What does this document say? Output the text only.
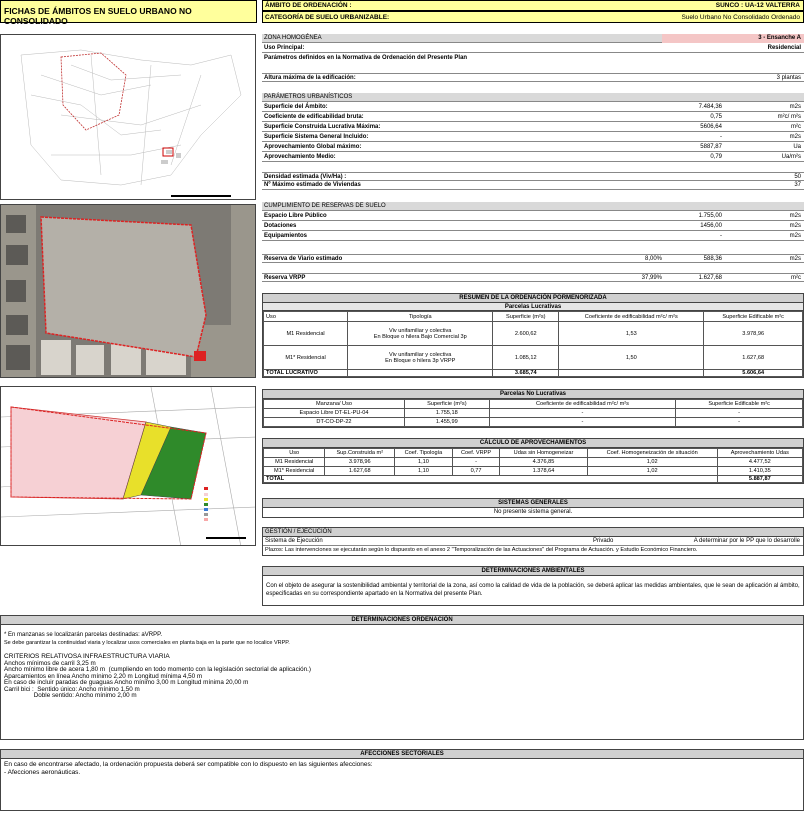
FICHAS DE ÁMBITOS EN SUELO URBANO NO CONSOLIDADO
ÁMBITO DE ORDENACIÓN :	SUNCO : UA-12 VALTERRA
CATEGORÍA DE SUELO URBANIZABLE:	Suelo Urbano No Consolidado Ordenado
ZONA HOMOGÉNEA	3 - Ensanche A
Uso Principal:	Residencial
Parámetros definidos en la Normativa de Ordenación del Presente Plan
Altura máxima de la edificación:	3 plantas
PARÁMETROS URBANÍSTICOS
Superficie del Ámbito:	7.484,36	m2s
Coeficiente de edificabilidad bruta:	0,75	m²c/ m²s
Superficie Construida Lucrativa Máxima:	5606,64	m²c
Superficie Sistema General Incluido:	-	m2s
Aprovechamiento Global máximo:	5887,87	Ua
Aprovechamiento Medio:	0,79	Ua/m²s
Densidad estimada (Viv/Ha) :	50
Nº Máximo estimado de Viviendas	37
CUMPLIMIENTO DE RESERVAS DE SUELO
Espacio Libre Público	1.755,00	m2s
Dotaciones	1456,00	m2s
Equipamientos	-	m2s
Reserva de Viario estimado	8,00%	588,36	m2s
Reserva VRPP	37,99%	1.627,68	m²c
RESUMEN DE LA ORDENACIÓN PORMENORIZADA
Parcelas Lucrativas
Uso	Tipología	Superficie (m²s)	Coeficiente de edificabilidad m²c/ m²s	Superficie Edificable m²c
M1 Residencial	Viv unifamiliar y colectiva
En Bloque o hilera Bajo Comercial 3p	2.600,62	1,53	3.978,96
M1* Residencial	Viv unifamiliar y colectiva
En Bloque o hilera 3p VRPP	1.085,12	1,50	1.627,68
TOTAL LUCRATIVO		3.685,74		5.606,64
Parcelas No Lucrativas
Manzana/ Uso	Superficie (m²s)	Coeficiente de edificabilidad m²c/ m²s	Superficie Edificable m²c
Espacio Libre DT-EL-PU-04	1.755,18	-	-
DT-CO-DP-22	1.455,99	-	-
CÁLCULO DE APROVECHAMIENTOS
Uso	Sup.Construida m²	Coef. Tipología	Coef. VRPP	Udas sin Homogeneizar	Coef. Homogeneización de situación	Aprovechamiento Udas
M1 Residencial	3.978,96	1,10	-	4.376,85	1,02	4.477,52
M1* Residencial	1.627,68	1,10	0,77	1.378,64	1,02	1.410,35
TOTAL						5.887,87
SISTEMAS GENERALES
No presente sistema general.
GESTIÓN / EJECUCIÓN
Sistema de Ejecución	Privado	A determinar por le PP que lo desarrolle
Plazos: Las intervenciones se ejecutarán según lo dispuesto en el anexo 2 "Temporalización de las Actuaciones" del Programa de Actuación. y Estudio Económico Financiero.
DETERMINACIONES AMBIENTALES
Con el objeto de asegurar la sostenibilidad ambiental y territorial de la zona, así como la calidad de vida de la población, se deberá aplicar las medidas ambientales, que le sean de aplicación al ámbito, especificadas en su correspondiente apartado en la Normativa del presente Plan.
DETERMINACIONES ORDENACIÓN
* En manzanas se localizarán parcelas destinadas: aVRPP.
Se debe garantizar la continuidad viaria y localizar usos comerciales en planta baja en la parte que no localice VRPP.
CRITERIOS RELATIVOSA INFRAESTRUCTURA VIARIA
Anchos mínimos de carril 3,25 m
Ancho mínimo libre de acera 1,80 m  (cumpliendo en todo momento con la legislación sectorial de aplicación.)
Aparcamientos en línea Ancho mínimo 2,20 m Longitud mínima 4,50 m
En caso de incluir paradas de guaguas Ancho mínimo 3,00 m Longitud mínima 20,00 m
Carril bici :  Sentido único: Ancho mínimo 1,50 m
Doble sentido: Ancho mínimo 2,00 m
AFECCIONES SECTORIALES
En caso de encontrarse afectado, la ordenación propuesta deberá ser compatible con lo dispuesto en las siguientes afecciones:
- Afecciones aeronáuticas.
